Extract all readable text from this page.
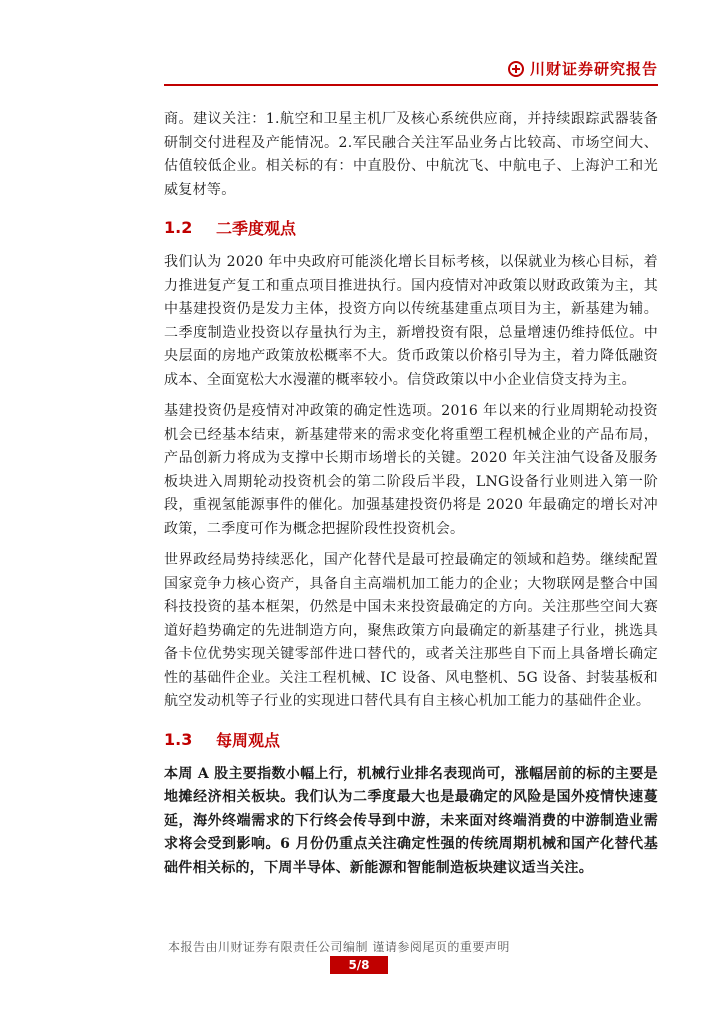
川财证券研究报告

商。建议关注：1.航空和卫星主机厂及核心系统供应商，并持续跟踪武器装备研制交付进程及产能情况。2.军民融合关注军品业务占比较高、市场空间大、估值较低企业。相关标的有：中直股份、中航沈飞、中航电子、上海沪工和光威复材等。

1.2	二季度观点

我们认为 2020 年中央政府可能淡化增长目标考核，以保就业为核心目标，着力推进复产复工和重点项目推进执行。国内疫情对冲政策以财政政策为主，其中基建投资仍是发力主体，投资方向以传统基建重点项目为主，新基建为辅。二季度制造业投资以存量执行为主，新增投资有限，总量增速仍维持低位。中央层面的房地产政策放松概率不大。货币政策以价格引导为主，着力降低融资成本、全面宽松大水漫灌的概率较小。信贷政策以中小企业信贷支持为主。

基建投资仍是疫情对冲政策的确定性选项。2016 年以来的行业周期轮动投资机会已经基本结束，新基建带来的需求变化将重塑工程机械企业的产品布局，产品创新力将成为支撑中长期市场增长的关键。2020 年关注油气设备及服务板块进入周期轮动投资机会的第二阶段后半段，LNG设备行业则进入第一阶段，重视氢能源事件的催化。加强基建投资仍将是 2020 年最确定的增长对冲政策，二季度可作为概念把握阶段性投资机会。

世界政经局势持续恶化，国产化替代是最可控最确定的领域和趋势。继续配置国家竞争力核心资产，具备自主高端机加工能力的企业；大物联网是整合中国科技投资的基本框架，仍然是中国未来投资最确定的方向。关注那些空间大赛道好趋势确定的先进制造方向，聚焦政策方向最确定的新基建子行业，挑选具备卡位优势实现关键零部件进口替代的，或者关注那些自下而上具备增长确定性的基础件企业。关注工程机械、IC 设备、风电整机、5G 设备、封装基板和航空发动机等子行业的实现进口替代具有自主核心机加工能力的基础件企业。

1.3	每周观点

本周 A 股主要指数小幅上行，机械行业排名表现尚可，涨幅居前的标的主要是地摊经济相关板块。我们认为二季度最大也是最确定的风险是国外疫情快速蔓延，海外终端需求的下行终会传导到中游，未来面对终端消费的中游制造业需求将会受到影响。6 月份仍重点关注确定性强的传统周期机械和国产化替代基础件相关标的，下周半导体、新能源和智能制造板块建议适当关注。

本报告由川财证券有限责任公司编制 谨请参阅尾页的重要声明
5/8
